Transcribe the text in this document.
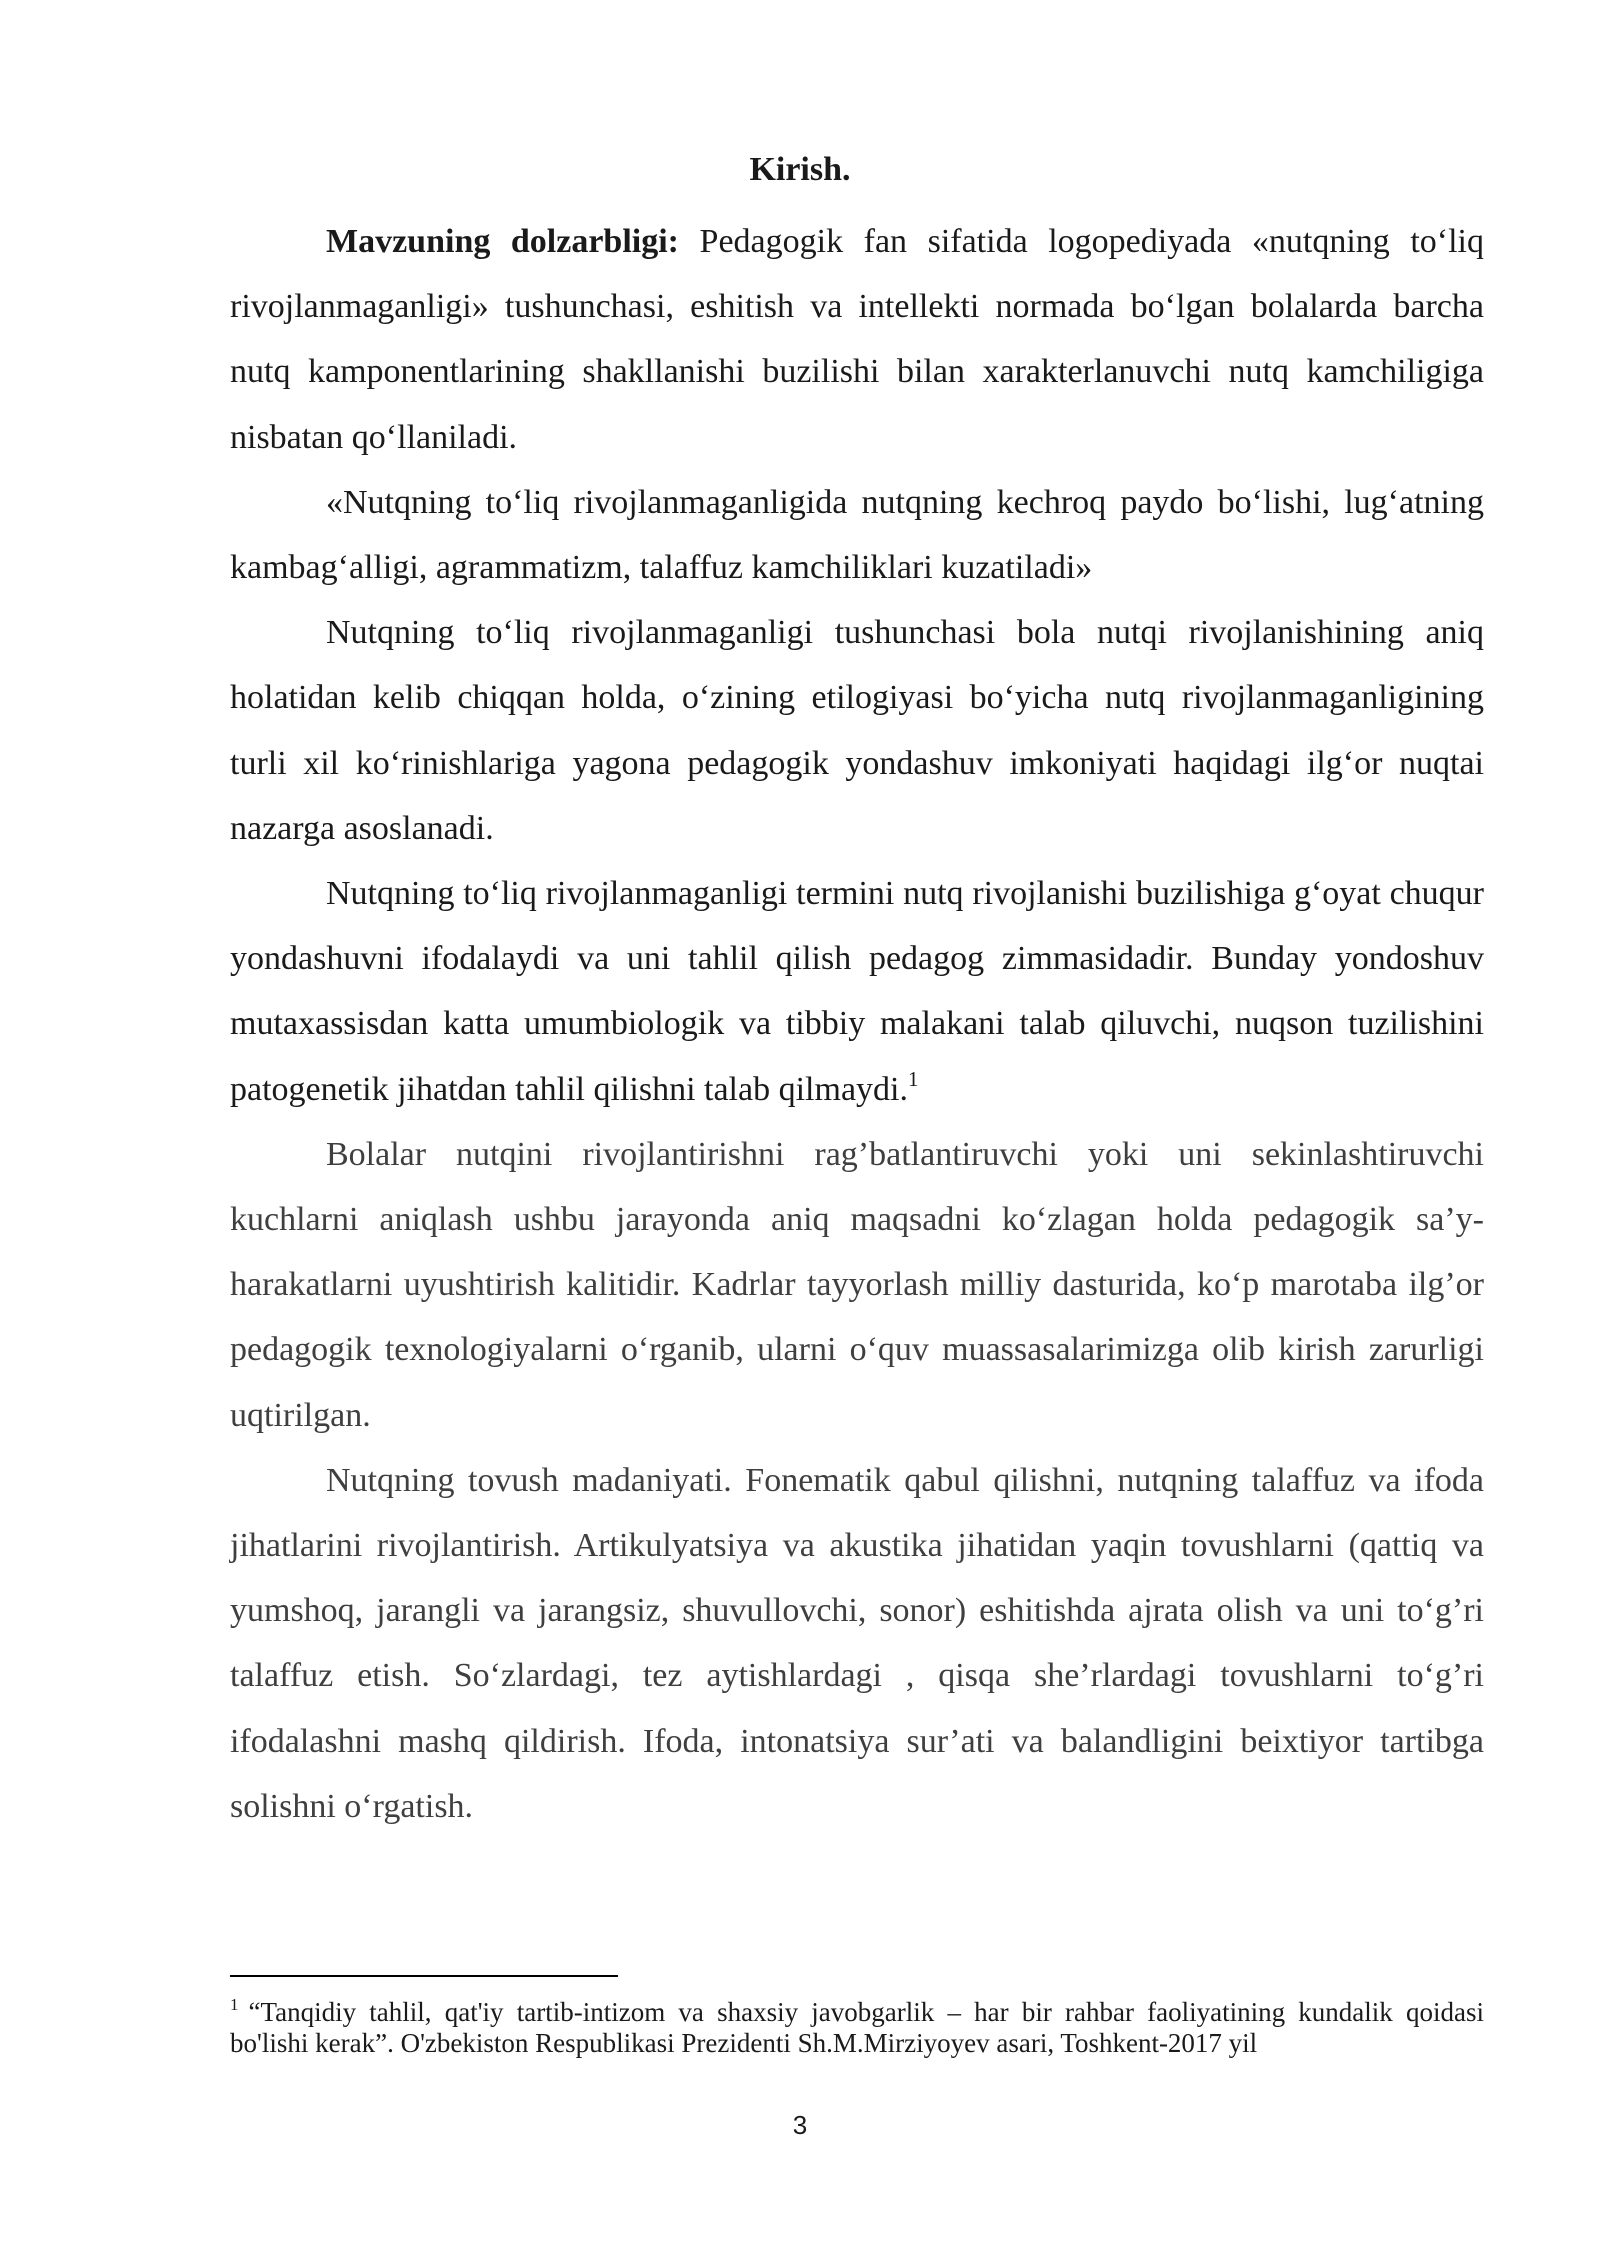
Kirish.

Mavzuning dolzarbligi: Pedagogik fan sifatida logopediyada «nutqning to‘liq rivojlanmaganligi» tushunchasi, eshitish va intellekti normada bo‘lgan bolalarda barcha nutq kamponentlarining shakllanishi buzilishi bilan xarakterlanuvchi nutq kamchiligiga nisbatan qo‘llaniladi.

«Nutqning to‘liq rivojlanmaganligida nutqning kechroq paydo bo‘lishi, lug‘atning kambag‘alligi, agrammatizm, talaffuz kamchiliklari kuzatiladi»

Nutqning to‘liq rivojlanmaganligi tushunchasi bola nutqi rivojlanishining aniq holatidan kelib chiqqan holda, o‘zining etilogiyasi bo‘yicha nutq rivojlanmaganligining turli xil ko‘rinishlariga yagona pedagogik yondashuv imkoniyati haqidagi ilg‘or nuqtai nazarga asoslanadi.

Nutqning to‘liq rivojlanmaganligi termini nutq rivojlanishi buzilishiga g‘oyat chuqur yondashuvni ifodalaydi va uni tahlil qilish pedagog zimmasidadir. Bunday yondoshuv mutaxassisdan katta umumbiologik va tibbiy malakani talab qiluvchi, nuqson tuzilishini patogenetik jihatdan tahlil qilishni talab qilmaydi.$^1$

Bolalar nutqini rivojlantirishni rag’batlantiruvchi yoki uni sekinlashtiruvchi kuchlarni aniqlash ushbu jarayonda aniq maqsadni ko‘zlagan holda pedagogik sa’y-harakatlarni uyushtirish kalitidir. Kadrlar tayyorlash milliy dasturida, ko‘p marotaba ilg’or pedagogik texnologiyalarni o‘rganib, ularni o‘quv muassasalarimizga olib kirish zarurligi uqtirilgan.

Nutqning tovush madaniyati. Fonematik qabul qilishni, nutqning talaffuz va ifoda jihatlarini rivojlantirish. Artikulyatsiya va akustika jihatidan yaqin tovushlarni (qattiq va yumshoq, jarangli va jarangsiz, shuvullovchi, sonor) eshitishda ajrata olish va uni to‘g’ri talaffuz etish. So‘zlardagi, tez aytishlardagi , qisqa she’rlardagi tovushlarni to‘g’ri ifodalashni mashq qildirish. Ifoda, intonatsiya sur’ati va balandligini beixtiyor tartibga solishni o‘rgatish.

$^1$ “Tanqidiy tahlil, qat'iy tartib-intizom va shaxsiy javobgarlik – har bir rahbar faoliyatining kundalik qoidasi bo'lishi kerak”. O'zbekiston Respublikasi Prezidenti Sh.M.Mirziyoyev asari, Toshkent-2017 yil

3
